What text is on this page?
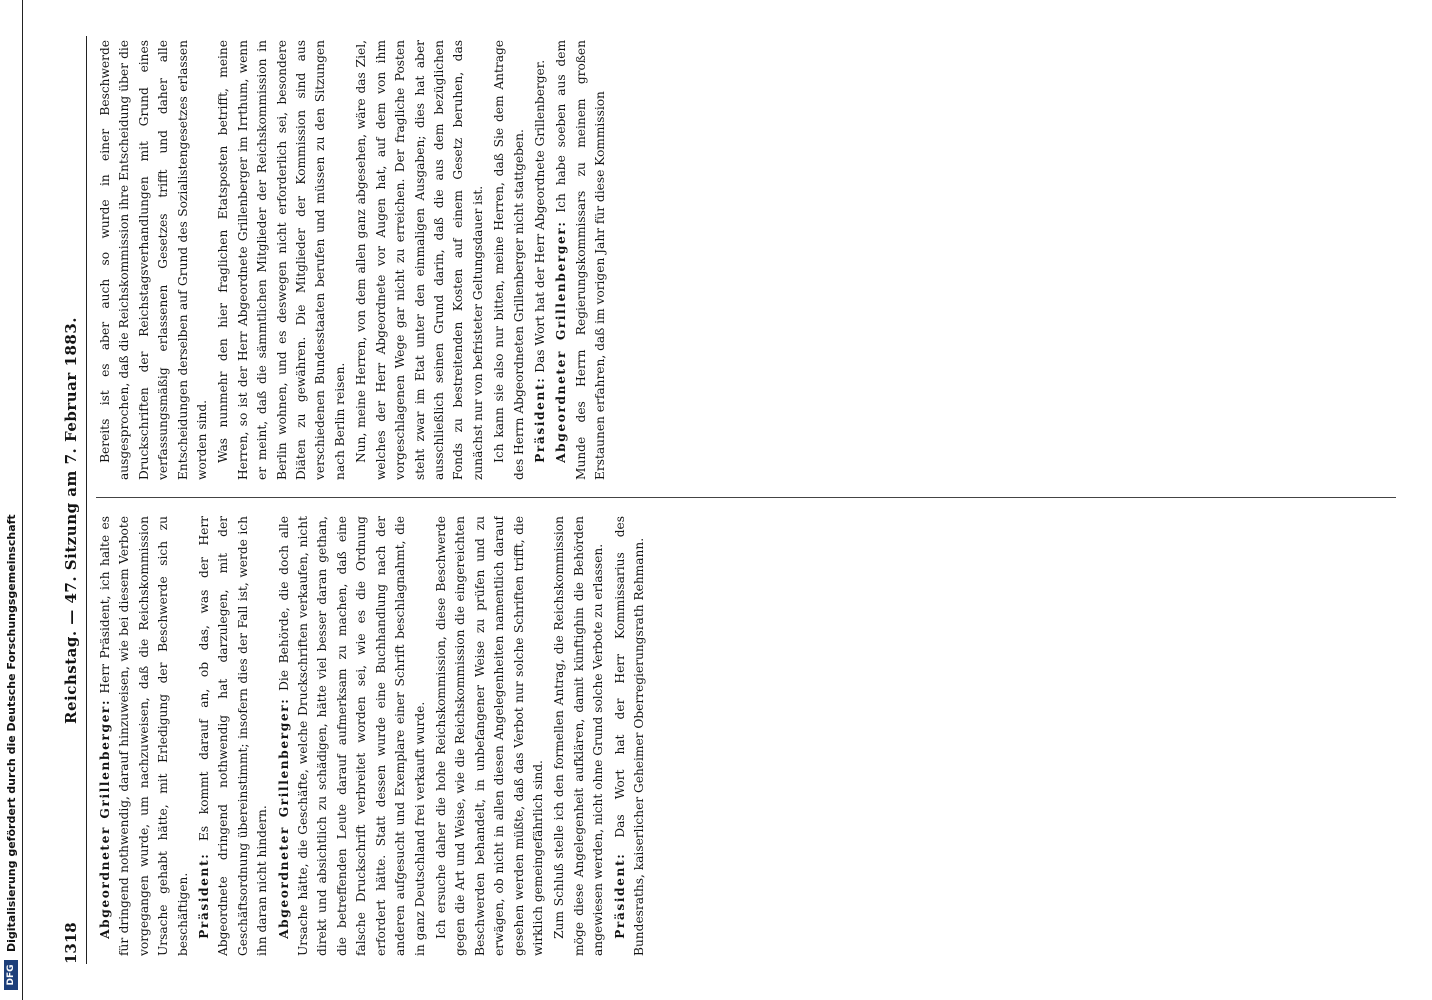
DFG
Digitalisierung gefördert durch die Deutsche Forschungsgemeinschaft	1318
Reichstag. — 47. Sitzung am 7. Februar 1883.

Abgeordneter Grillenberger: Herr Präsident, ich halte es für dringend nothwendig, darauf hinzuweisen, wie bei diesem Verbote vorgegangen wurde, um nachzuweisen, daß die Reichskommission Ursache gehabt hätte, mit Erledigung der Beschwerde sich zu beschäftigen. Präsident: Es kommt darauf an, ob das, was der Herr Abgeordnete dringend nothwendig hat darzulegen, mit der Geschäftsordnung übereinstimmt; insofern dies der Fall ist, werde ich ihn daran nicht hindern. Abgeordneter Grillenberger: Die Behörde, die doch alle Ursache hätte, die Geschäfte, welche Druckschriften verkaufen, nicht direkt und absichtlich zu schädigen, hätte viel besser daran gethan, die betreffenden Leute darauf aufmerksam zu machen, daß eine falsche Druckschrift verbreitet worden sei, wie es die Ordnung erfordert hätte. Statt dessen wurde eine Buchhandlung nach der anderen aufgesucht und Exemplare einer Schrift beschlagnahmt, die in ganz Deutschland frei verkauft wurde. Ich ersuche daher die hohe Reichskommission, diese Beschwerde gegen die Art und Weise, wie die Reichskommission die eingereichten Beschwerden behandelt, in unbefangener Weise zu prüfen und zu erwägen, ob nicht in allen diesen Angelegenheiten namentlich darauf gesehen werden müßte, daß das Verbot nur solche Schriften trifft, die wirklich gemeingefährlich sind. Zum Schluß stelle ich den formellen Antrag, die Reichskommission möge diese Angelegenheit aufklären, damit künftighin die Behörden angewiesen werden, nicht ohne Grund solche Verbote zu erlassen. Präsident: Das Wort hat der Herr Kommissarius des Bundesraths, kaiserlicher Geheimer Oberregierungsrath Rehmann.

Bereits ist es aber auch so wurde in einer Beschwerde ausgesprochen, daß die Reichskommission ihre Entscheidung über die Druckschriften der Reichstagsverhandlungen mit Grund eines verfassungsmäßig erlassenen Gesetzes trifft und daher alle Entscheidungen derselben auf Grund des Sozialistengesetzes erlassen worden sind. Was nunmehr den hier fraglichen Etatsposten betrifft, meine Herren, so ist der Herr Abgeordnete Grillenberger im Irrthum, wenn er meint, daß die sämmtlichen Mitglieder der Reichskommission in Berlin wohnen, und es deswegen nicht erforderlich sei, besondere Diäten zu gewähren. Die Mitglieder der Kommission sind aus verschiedenen Bundesstaaten berufen und müssen zu den Sitzungen nach Berlin reisen. Nun, meine Herren, von dem allen ganz abgesehen, wäre das Ziel, welches der Herr Abgeordnete vor Augen hat, auf dem von ihm vorgeschlagenen Wege gar nicht zu erreichen. Der fragliche Posten steht zwar im Etat unter den einmaligen Ausgaben; dies hat aber ausschließlich seinen Grund darin, daß die aus dem bezüglichen Fonds zu bestreitenden Kosten auf einem Gesetz beruhen, das zunächst nur von befristeter Geltungsdauer ist. Ich kann sie also nur bitten, meine Herren, daß Sie dem Antrage des Herrn Abgeordneten Grillenberger nicht stattgeben. Präsident: Das Wort hat der Herr Abgeordnete Grillenberger. Abgeordneter Grillenberger: Ich habe soeben aus dem Munde des Herrn Regierungskommissars zu meinem großen Erstaunen erfahren, daß im vorigen Jahr für diese Kommission
